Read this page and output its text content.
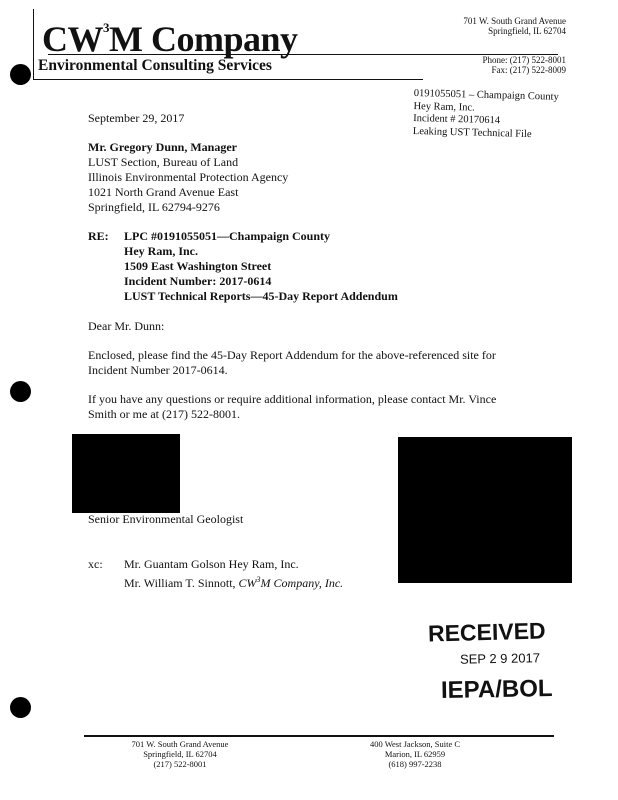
$CW^3M$ Company
Environmental Consulting Services
701 W. South Grand Avenue
Springfield, IL 62704
Phone: (217) 522-8001
Fax: (217) 522-8009
0191055051 – Champaign County
Hey Ram, Inc.
Incident # 20170614
Leaking UST Technical File
September 29, 2017
Mr. Gregory Dunn, Manager
LUST Section, Bureau of Land
Illinois Environmental Protection Agency
1021 North Grand Avenue East
Springfield, IL 62794-9276
RE: LPC #0191055051—Champaign County
Hey Ram, Inc.
1509 East Washington Street
Incident Number: 2017-0614
LUST Technical Reports—45-Day Report Addendum
Dear Mr. Dunn:
Enclosed, please find the 45-Day Report Addendum for the above-referenced site for
Incident Number 2017-0614.
If you have any questions or require additional information, please contact Mr. Vince
Smith or me at (217) 522-8001.
Senior Environmental Geologist
xc: Mr. Guantam Golson Hey Ram, Inc.
Mr. William T. Sinnott, $CW^3M$ Company, Inc.
RECEIVED
SEP 2 9 2017
IEPA/BOL
701 W. South Grand Avenue
Springfield, IL 62704
(217) 522-8001
400 West Jackson, Suite C
Marion, IL 62959
(618) 997-2238
